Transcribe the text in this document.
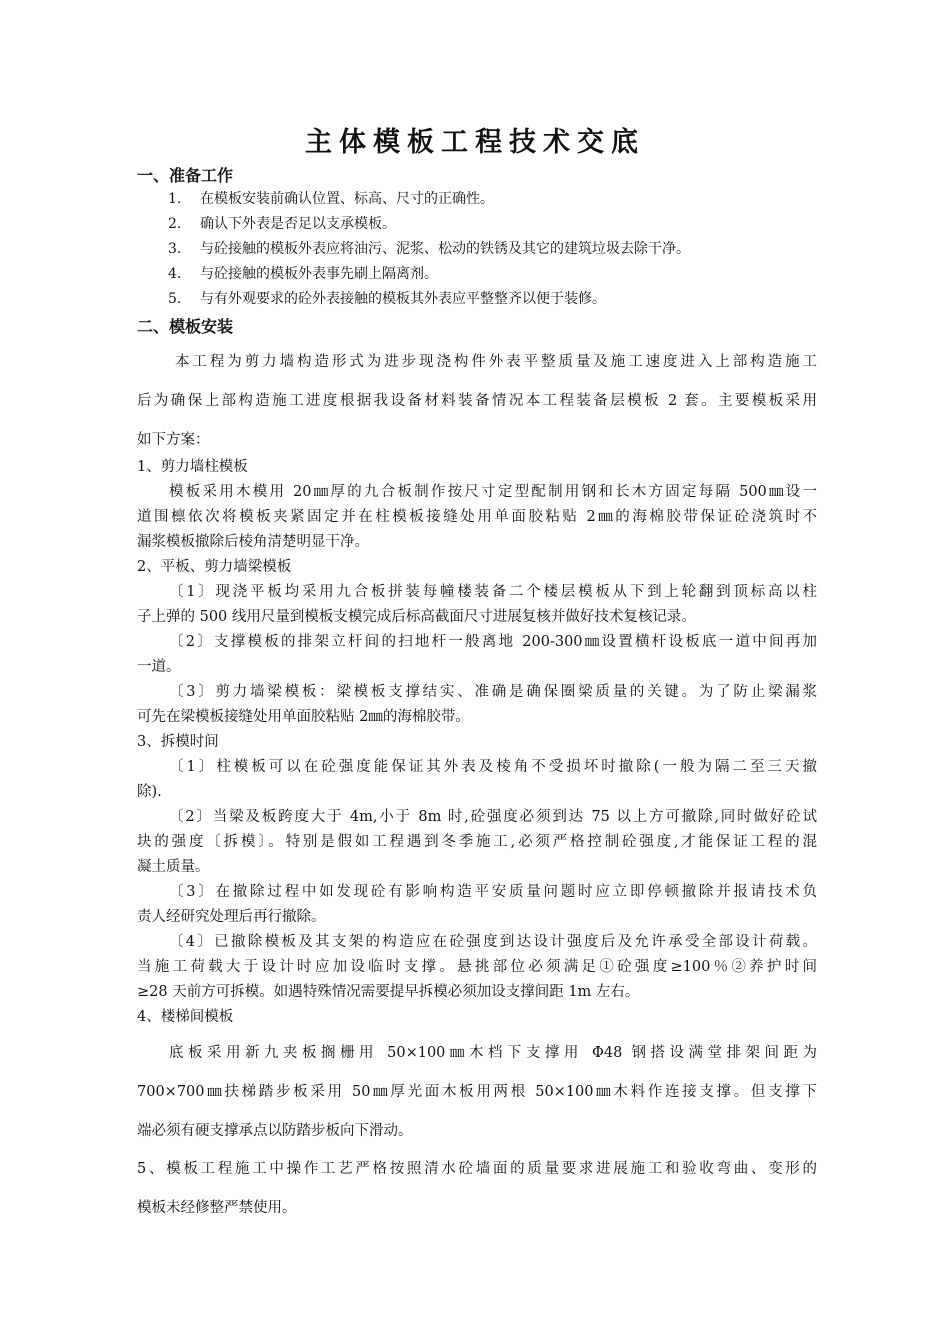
主体模板工程技术交底
一、准备工作
1. 在模板安装前确认位置、标高、尺寸的正确性。
2. 确认下外表是否足以支承模板。
3. 与砼接触的模板外表应将油污、泥浆、松动的铁锈及其它的建筑垃圾去除干净。
4. 与砼接触的模板外表事先刷上隔离剂。
5. 与有外观要求的砼外表接触的模板其外表应平整整齐以便于装修。
二、模板安装
本工程为剪力墙构造形式为进步现浇构件外表平整质量及施工速度进入上部构造施工
后为确保上部构造施工进度根据我设备材料装备情况本工程装备层模板 2 套。主要模板采用
如下方案：
1、剪力墙柱模板
模板采用木模用 20㎜厚的九合板制作按尺寸定型配制用钢和长木方固定每隔 500㎜设一
道围檩依次将模板夹紧固定并在柱模板接缝处用单面胶粘贴 2㎜的海棉胶带保证砼浇筑时不
漏浆模板撤除后棱角清楚明显干净。
2、平板、剪力墙梁模板
〔1〕现浇平板均采用九合板拼装每幢楼装备二个楼层模板从下到上轮翻到顶标高以柱
子上弹的 500 线用尺量到模板支模完成后标高截面尺寸进展复核并做好技术复核记录。
〔2〕支撑模板的排架立杆间的扫地杆一般离地 200-300㎜设置横杆设板底一道中间再加
一道。
〔3〕剪力墙梁模板：梁模板支撑结实、准确是确保圈梁质量的关键。为了防止梁漏浆
可先在梁模板接缝处用单面胶粘贴 2㎜的海棉胶带。
3、拆模时间
〔1〕柱模板可以在砼强度能保证其外表及棱角不受损坏时撤除(一般为隔二至三天撤
除).
〔2〕当梁及板跨度大于 4m,小于 8m 时,砼强度必须到达 75 以上方可撤除,同时做好砼试
块的强度〔拆模〕。特别是假如工程遇到冬季施工,必须严格控制砼强度,才能保证工程的混
凝土质量。
〔3〕在撤除过程中如发现砼有影响构造平安质量问题时应立即停顿撤除并报请技术负
责人经研究处理后再行撤除。
〔4〕已撤除模板及其支架的构造应在砼强度到达设计强度后及允许承受全部设计荷载。
当施工荷载大于设计时应加设临时支撑。悬挑部位必须满足①砼强度≥100％②养护时间
≥28 天前方可拆模。如遇特殊情况需要提早拆模必须加设支撑间距 1m 左右。
4、楼梯间模板
底板采用新九夹板搁栅用 50×100㎜木档下支撑用 Φ48 钢搭设满堂排架间距为
700×700㎜扶梯踏步板采用 50㎜厚光面木板用两根 50×100㎜木料作连接支撑。但支撑下
端必须有硬支撑承点以防踏步板向下滑动。
5、模板工程施工中操作工艺严格按照清水砼墙面的质量要求进展施工和验收弯曲、变形的
模板未经修整严禁使用。
